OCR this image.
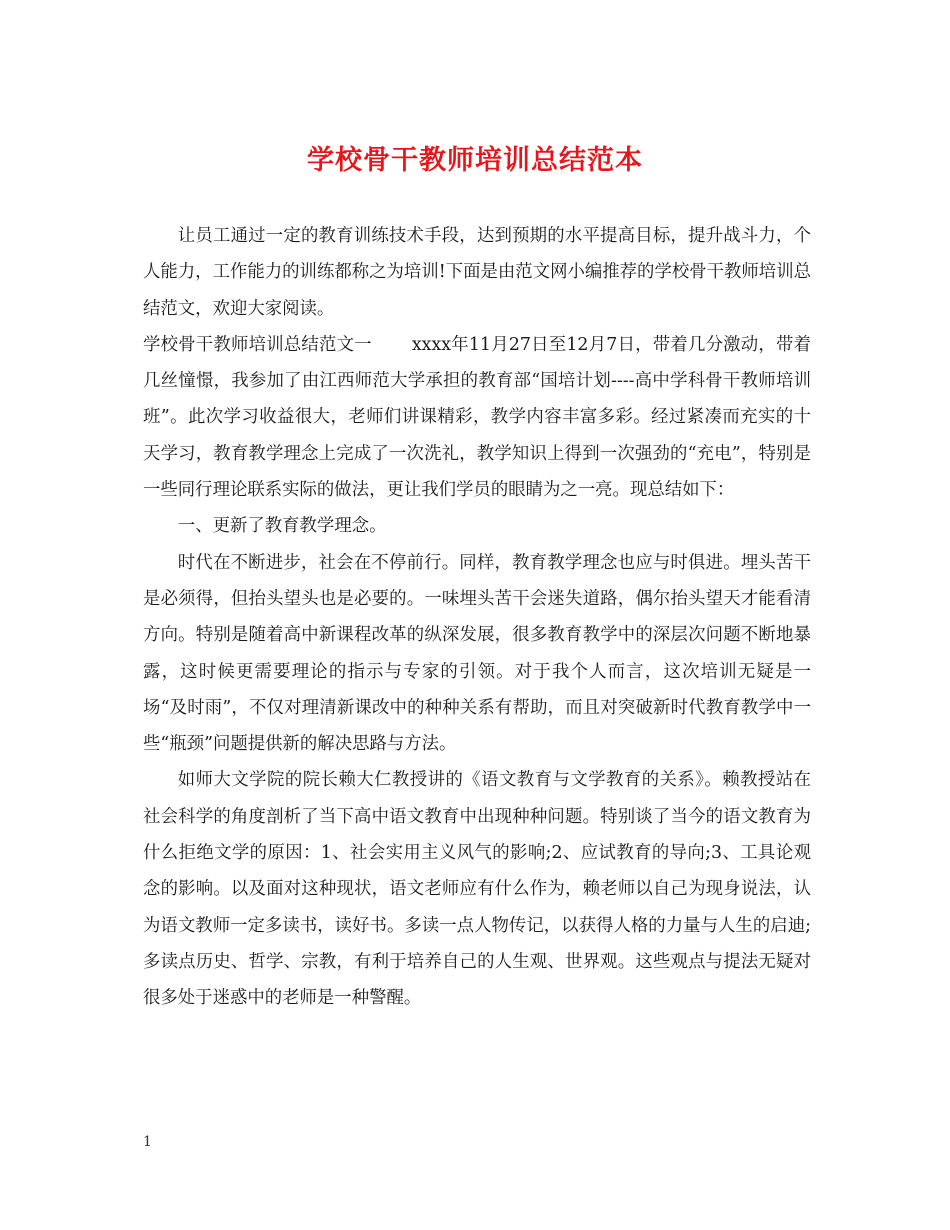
学校骨干教师培训总结范本

让员工通过一定的教育训练技术手段，达到预期的水平提高目标，提升战斗力，个人能力，工作能力的训练都称之为培训!下面是由范文网小编推荐的学校骨干教师培训总结范文，欢迎大家阅读。

学校骨干教师培训总结范文一 xxxx年11月27日至12月7日，带着几分激动，带着几丝憧憬，我参加了由江西师范大学承担的教育部“国培计划----高中学科骨干教师培训班”。此次学习收益很大，老师们讲课精彩，教学内容丰富多彩。经过紧凑而充实的十天学习，教育教学理念上完成了一次洗礼，教学知识上得到一次强劲的“充电”，特别是一些同行理论联系实际的做法，更让我们学员的眼睛为之一亮。现总结如下：

一、更新了教育教学理念。

时代在不断进步，社会在不停前行。同样，教育教学理念也应与时俱进。埋头苦干是必须得，但抬头望头也是必要的。一味埋头苦干会迷失道路，偶尔抬头望天才能看清方向。特别是随着高中新课程改革的纵深发展，很多教育教学中的深层次问题不断地暴露，这时候更需要理论的指示与专家的引领。对于我个人而言，这次培训无疑是一场“及时雨”，不仅对理清新课改中的种种关系有帮助，而且对突破新时代教育教学中一些“瓶颈”问题提供新的解决思路与方法。

如师大文学院的院长赖大仁教授讲的《语文教育与文学教育的关系》。赖教授站在社会科学的角度剖析了当下高中语文教育中出现种种问题。特别谈了当今的语文教育为什么拒绝文学的原因：1、社会实用主义风气的影响;2、应试教育的导向;3、工具论观念的影响。以及面对这种现状，语文老师应有什么作为，赖老师以自己为现身说法，认为语文教师一定多读书，读好书。多读一点人物传记，以获得人格的力量与人生的启迪;多读点历史、哲学、宗教，有利于培养自己的人生观、世界观。这些观点与提法无疑对很多处于迷惑中的老师是一种警醒。

1
